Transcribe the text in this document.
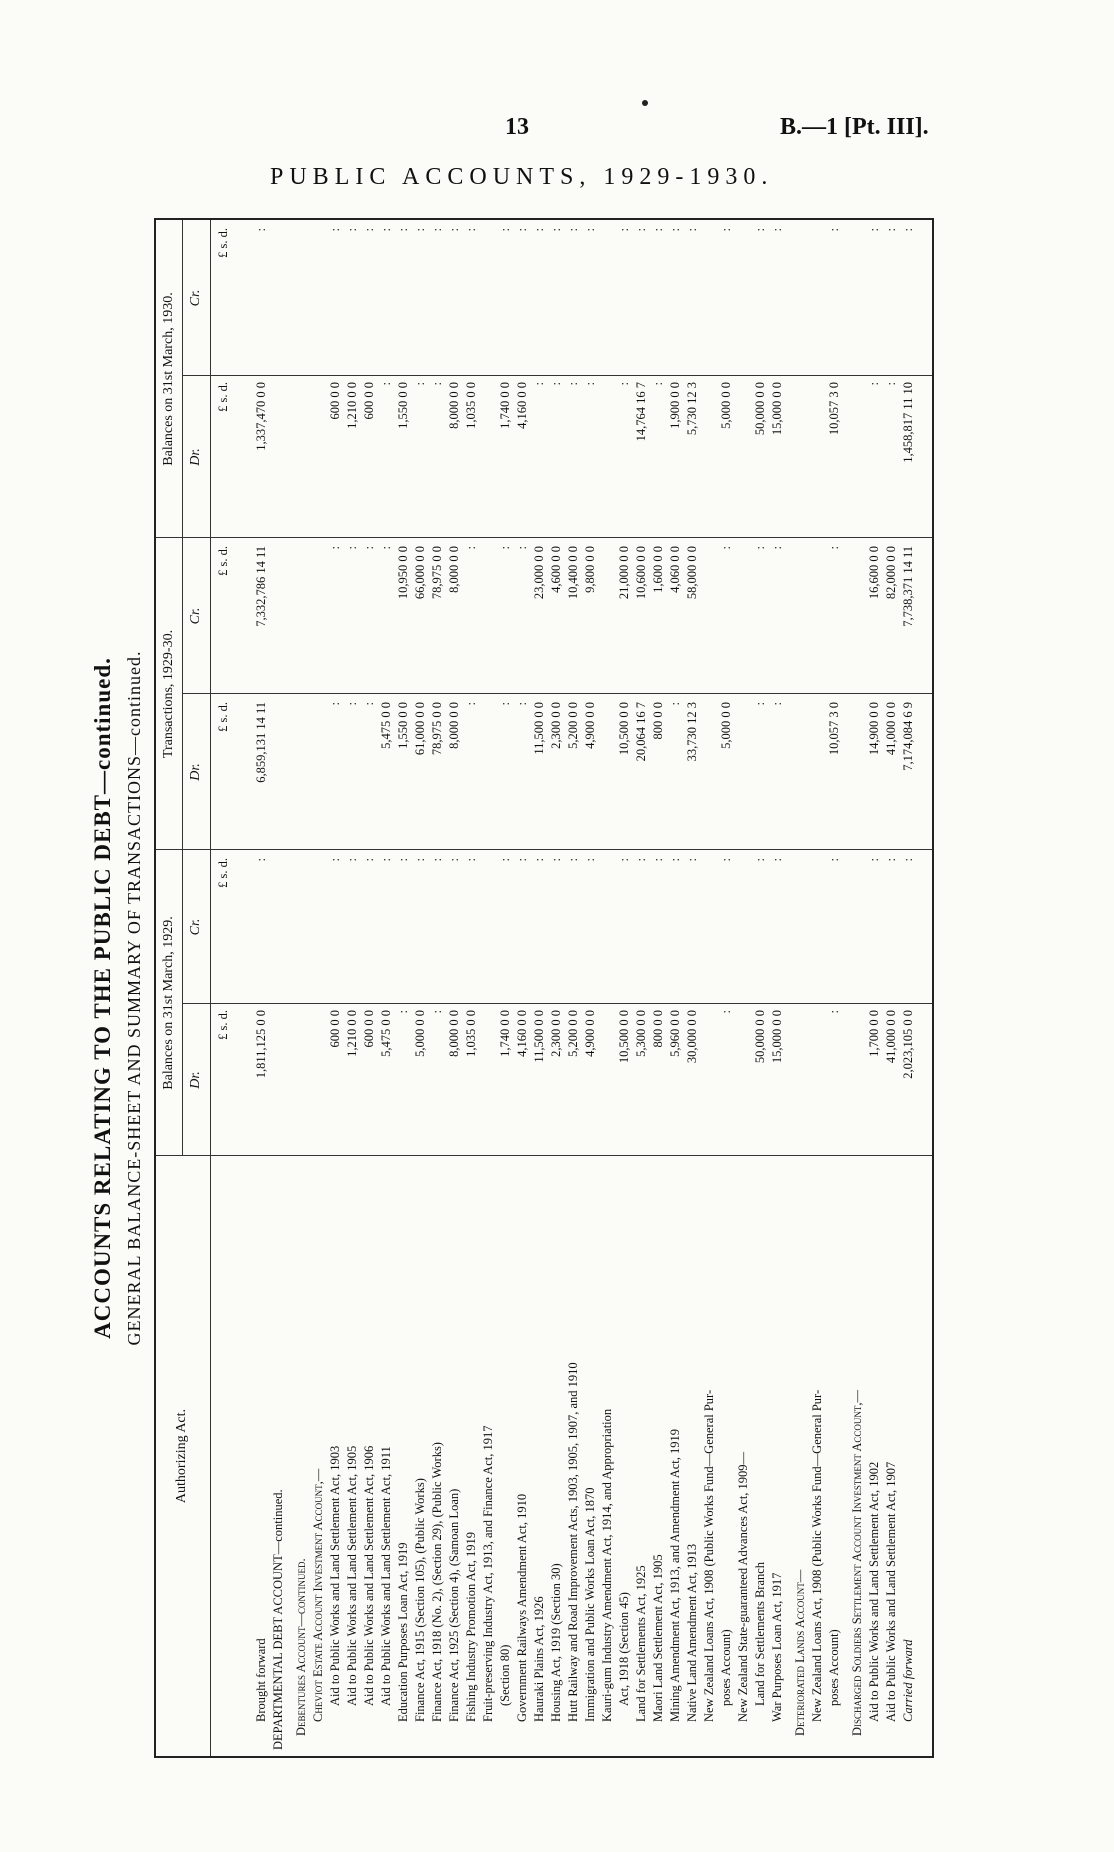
13	B.—1 [Pt. III].
PUBLIC ACCOUNTS, 1929-1930.
ACCOUNTS RELATING TO THE PUBLIC DEBT—continued. GENERAL BALANCE-SHEET AND SUMMARY OF TRANSACTIONS—continued.
Authorizing Act.
Balances on 31st March, 1929.
Transactions, 1929-30.
Balances on 31st March, 1930.
Dr.
Cr.
Dr.
Cr.
Dr.
Cr.
£ s. d.
£ s. d.
£ s. d.
£ s. d.
£ s. d.
£ s. d.
Brought forward
1,811,125 0 0
:
6,859,131 14 11
7,332,786 14 11
1,337,470 0 0
:
DEPARTMENTAL DEBT ACCOUNT—continued. Debentures Account—continued. Cheviot Estate Account Investment Account,— Aid to Public Works and Land Settlement Act, 1903
600 0 0
:
:
:
600 0 0
:
Aid to Public Works and Land Settlement Act, 1905
1,210 0 0
:
:
:
1,210 0 0
:
Aid to Public Works and Land Settlement Act, 1906
600 0 0
:
:
:
600 0 0
:
Aid to Public Works and Land Settlement Act, 1911
5,475 0 0
:
5,475 0 0
:
:
:
Education Purposes Loan Act, 1919
:
:
1,550 0 0
10,950 0 0
1,550 0 0
:
Finance Act, 1915 (Section 105), (Public Works)
5,000 0 0
:
61,000 0 0
66,000 0 0
:
:
Finance Act, 1918 (No. 2), (Section 29), (Public Works)
:
:
78,975 0 0
78,975 0 0
:
:
Finance Act, 1925 (Section 4), (Samoan Loan)
8,000 0 0
:
8,000 0 0
8,000 0 0
8,000 0 0
:
Fishing Industry Promotion Act, 1919
1,035 0 0
:
:
:
1,035 0 0
:
Fruit-preserving Industry Act, 1913, and Finance Act, 1917 (Section 80)
1,740 0 0
:
:
:
1,740 0 0
:
Government Railways Amendment Act, 1910
4,160 0 0
:
:
:
4,160 0 0
:
Hauraki Plains Act, 1926
11,500 0 0
:
11,500 0 0
23,000 0 0
:
:
Housing Act, 1919 (Section 30)
2,300 0 0
:
2,300 0 0
4,600 0 0
:
:
Hutt Railway and Road Improvement Acts, 1903, 1905, 1907, and 1910
5,200 0 0
:
5,200 0 0
10,400 0 0
:
:
Immigration and Public Works Loan Act, 1870
4,900 0 0
:
4,900 0 0
9,800 0 0
:
:
Kauri-gum Industry Amendment Act, 1914, and Appropriation Act, 1918 (Section 45)
10,500 0 0
:
10,500 0 0
21,000 0 0
:
:
Land for Settlements Act, 1925
5,300 0 0
:
20,064 16 7
10,600 0 0
14,764 16 7
:
Maori Land Settlement Act, 1905
800 0 0
:
800 0 0
1,600 0 0
:
:
Mining Amendment Act, 1913, and Amendment Act, 1919
5,960 0 0
:
:
4,060 0 0
1,900 0 0
:
Native Land Amendment Act, 1913
30,000 0 0
:
33,730 12 3
58,000 0 0
5,730 12 3
:
New Zealand Loans Act, 1908 (Public Works Fund—General Pur- poses Account)
:
:
5,000 0 0
:
5,000 0 0
:
New Zealand State-guaranteed Advances Act, 1909— Land for Settlements Branch
50,000 0 0
:
:
:
50,000 0 0
:
War Purposes Loan Act, 1917
15,000 0 0
:
:
:
15,000 0 0
:
Deteriorated Lands Account— New Zealand Loans Act, 1908 (Public Works Fund—General Pur- poses Account)
:
:
10,057 3 0
:
10,057 3 0
:
Discharged Soldiers Settlement Account Investment Account,— Aid to Public Works and Land Settlement Act, 1902
1,700 0 0
:
14,900 0 0
16,600 0 0
:
:
Aid to Public Works and Land Settlement Act, 1907
41,000 0 0
:
41,000 0 0
82,000 0 0
:
:
Carried forward
2,023,105 0 0
:
7,174,084 6 9
7,738,371 14 11
1,458,817 11 10
:
